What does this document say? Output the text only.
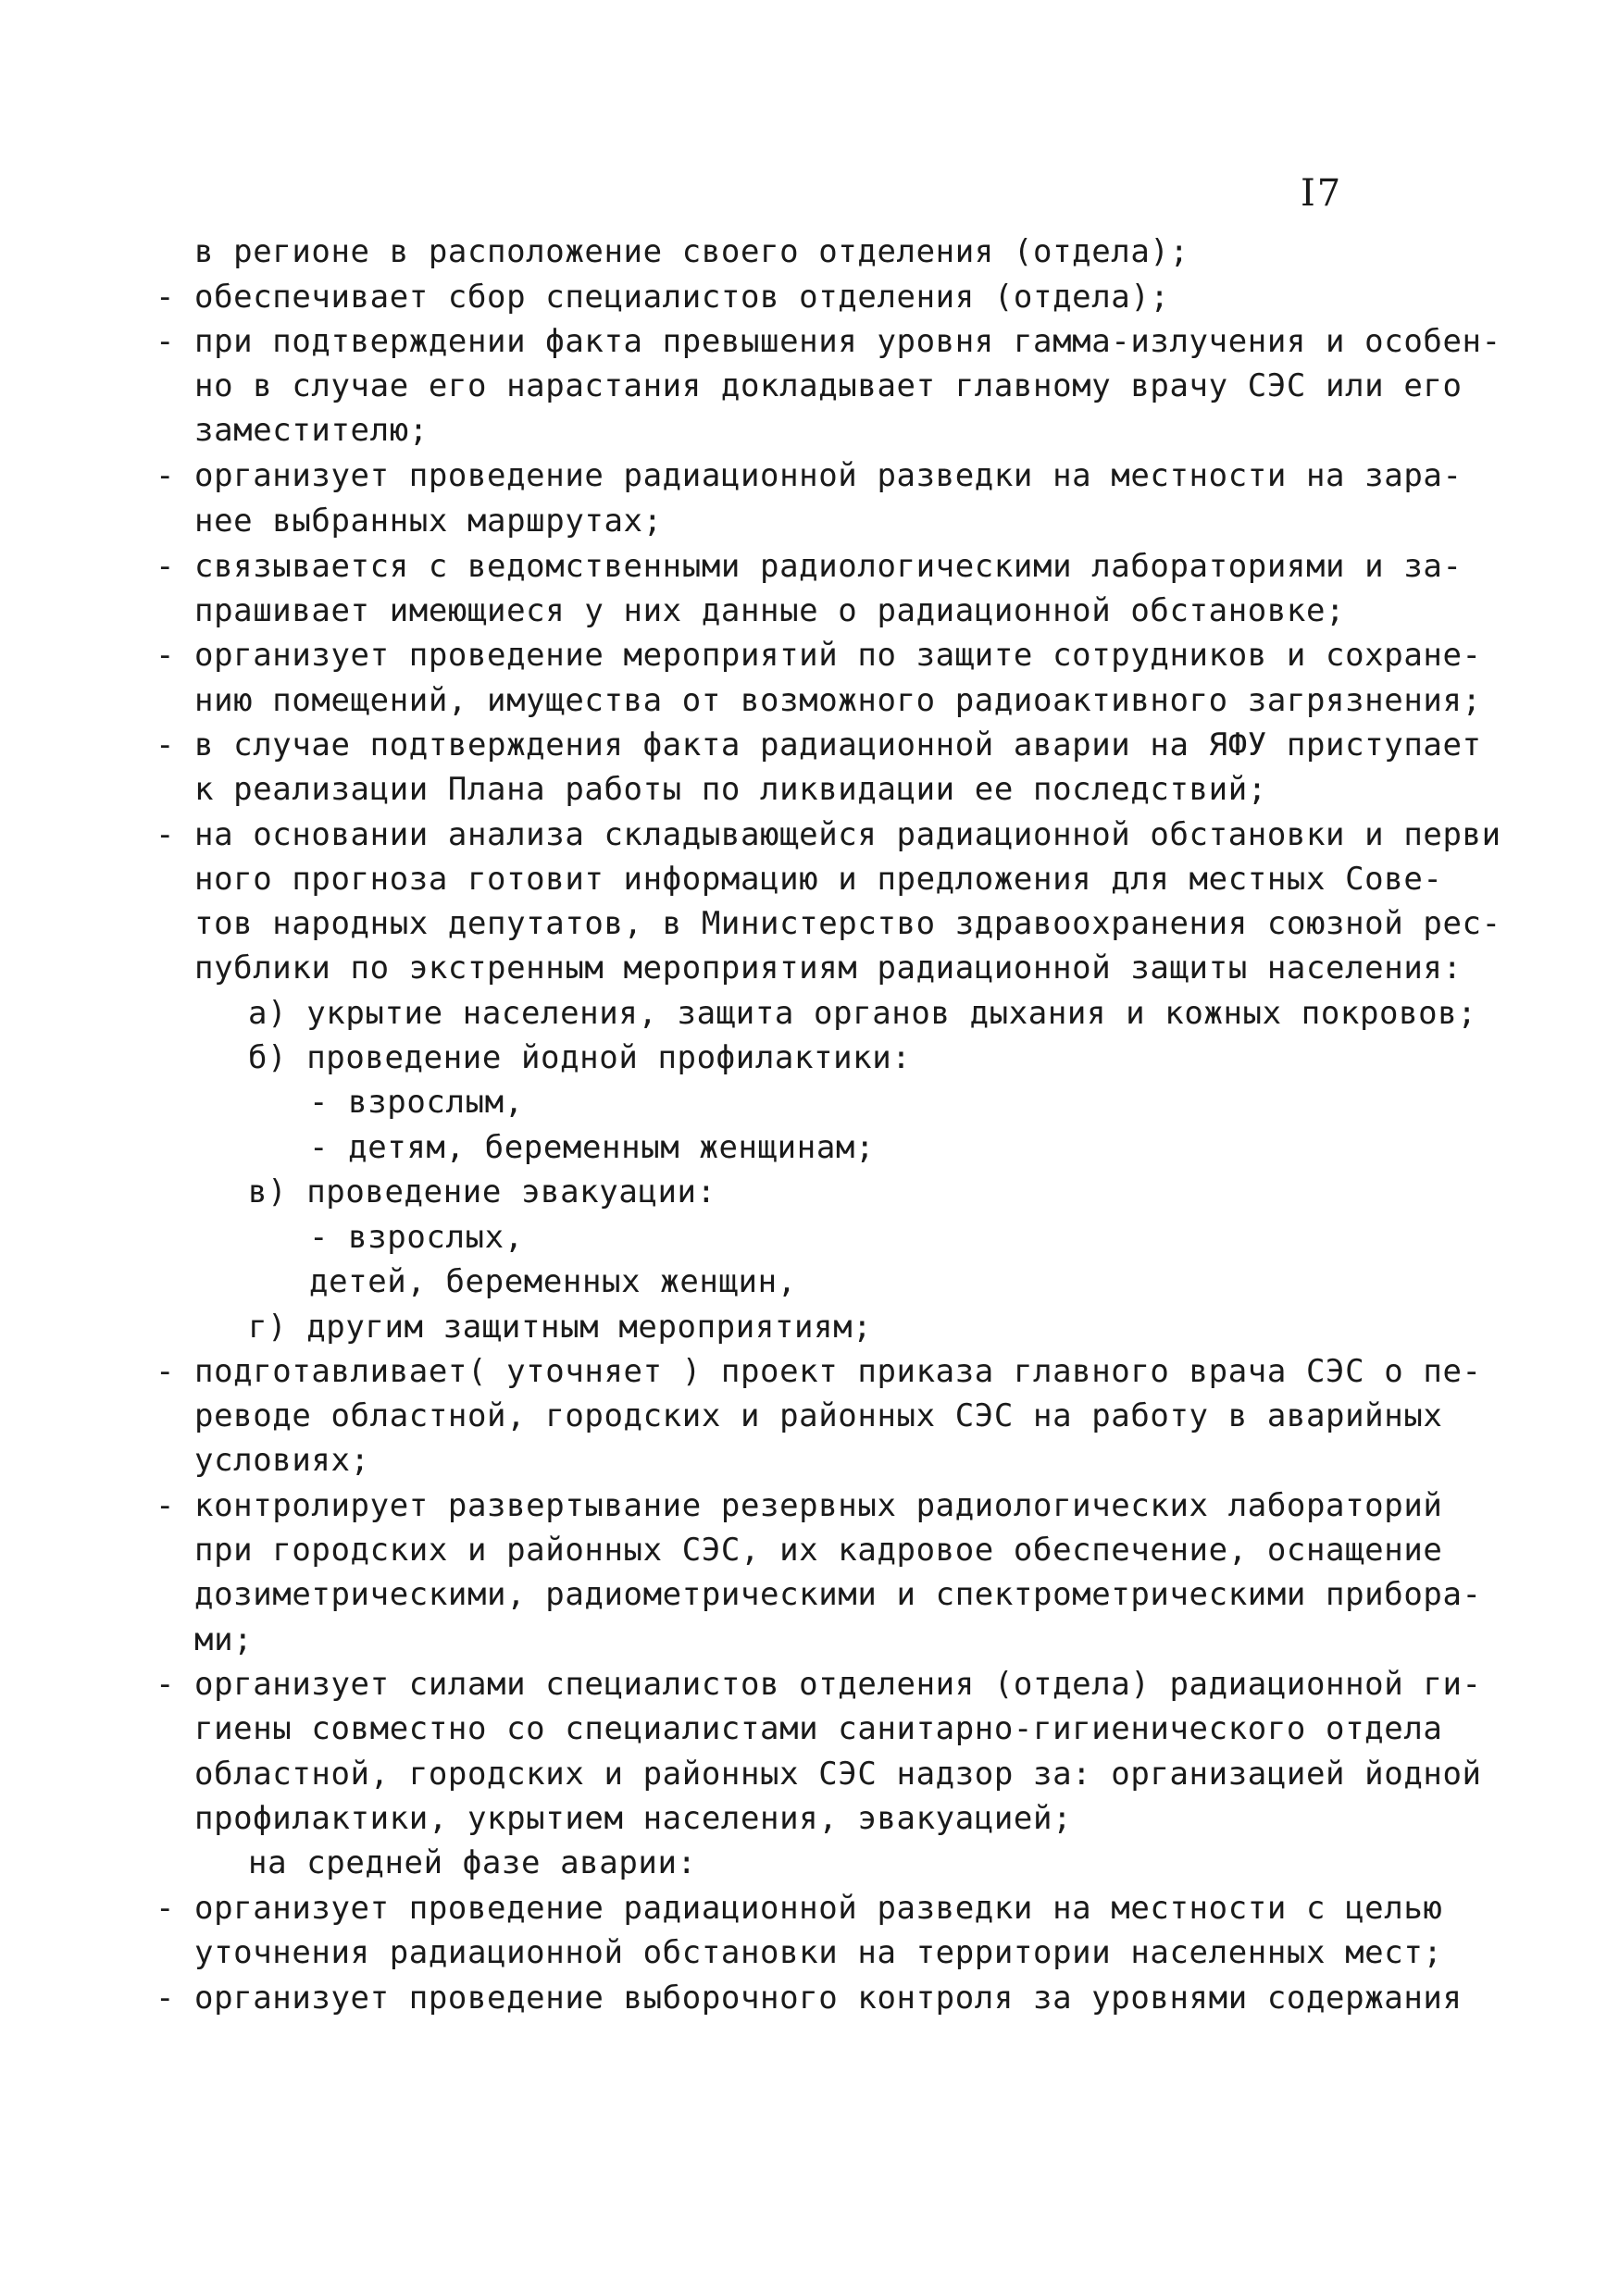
I7
в регионе в расположение своего отделения (отдела);
- обеспечивает сбор специалистов отделения (отдела);
- при подтверждении факта превышения уровня гамма-излучения и особен-
но в случае его нарастания докладывает главному врачу СЭС или его
заместителю;
- организует проведение радиационной разведки на местности на зара-
нее выбранных маршрутах;
- связывается с ведомственными радиологическими лабораториями и за-
прашивает имеющиеся у них данные о радиационной обстановке;
- организует проведение мероприятий по защите сотрудников и сохране-
нию помещений, имущества от возможного радиоактивного загрязнения;
- в случае подтверждения факта радиационной аварии на ЯФУ приступает
к реализации Плана работы по ликвидации ее последствий;
- на основании анализа складывающейся радиационной обстановки и перви
ного прогноза готовит информацию и предложения для местных Сове-
тов народных депутатов, в Министерство здравоохранения союзной рес-
публики по экстренным мероприятиям радиационной защиты населения:
а) укрытие населения, защита органов дыхания и кожных покровов;
б) проведение йодной профилактики:
- взрослым,
- детям, беременным женщинам;
в) проведение эвакуации:
- взрослых,
детей, беременных женщин,
г) другим защитным мероприятиям;
- подготавливает( уточняет ) проект приказа главного врача СЭС о пе-
реводе областной, городских и районных СЭС на работу в аварийных
условиях;
- контролирует развертывание резервных радиологических лабораторий
при городских и районных СЭС, их кадровое обеспечение, оснащение
дозиметрическими, радиометрическими и спектрометрическими прибора-
ми;
- организует силами специалистов отделения (отдела) радиационной ги-
гиены совместно со специалистами санитарно-гигиенического отдела
областной, городских и районных СЭС надзор за: организацией йодной
профилактики, укрытием населения, эвакуацией;
на средней фазе аварии:
- организует проведение радиационной разведки на местности с целью
уточнения радиационной обстановки на территории населенных мест;
- организует проведение выборочного контроля за уровнями содержания
